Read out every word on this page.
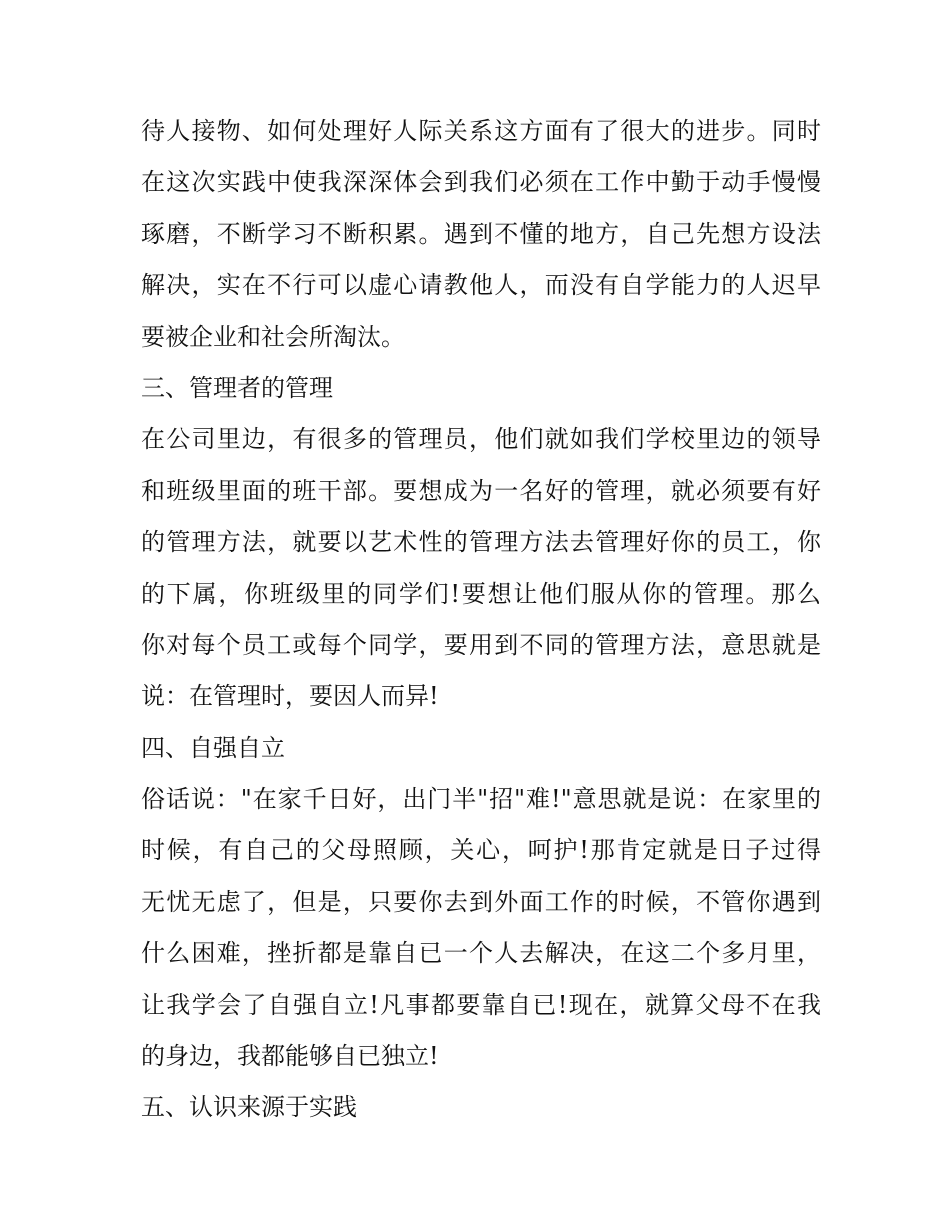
待人接物、如何处理好人际关系这方面有了很大的进步。同时
在这次实践中使我深深体会到我们必须在工作中勤于动手慢慢
琢磨，不断学习不断积累。遇到不懂的地方，自己先想方设法
解决，实在不行可以虚心请教他人，而没有自学能力的人迟早
要被企业和社会所淘汰。
三、管理者的管理
在公司里边，有很多的管理员，他们就如我们学校里边的领导
和班级里面的班干部。要想成为一名好的管理，就必须要有好
的管理方法，就要以艺术性的管理方法去管理好你的员工，你
的下属，你班级里的同学们!要想让他们服从你的管理。那么
你对每个员工或每个同学，要用到不同的管理方法，意思就是
说：在管理时，要因人而异!
四、自强自立
俗话说："在家千日好，出门半"招"难!"意思就是说：在家里的
时候，有自己的父母照顾，关心，呵护!那肯定就是日子过得
无忧无虑了，但是，只要你去到外面工作的时候，不管你遇到
什么困难，挫折都是靠自已一个人去解决，在这二个多月里，
让我学会了自强自立!凡事都要靠自已!现在，就算父母不在我
的身边，我都能够自已独立!
五、认识来源于实践
